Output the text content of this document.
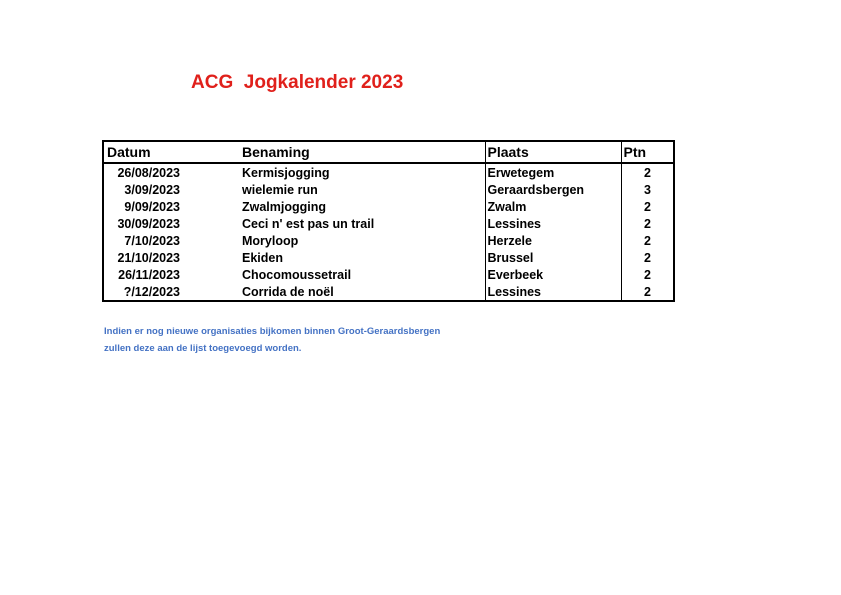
ACG  Jogkalender 2023
Datum	Benaming	Plaats	Ptn
26/08/2023	Kermisjogging	Erwetegem	2
3/09/2023	wielemie run	Geraardsbergen	3
9/09/2023	Zwalmjogging	Zwalm	2
30/09/2023	Ceci n' est pas un trail	Lessines	2
7/10/2023	Moryloop	Herzele	2
21/10/2023	Ekiden	Brussel	2
26/11/2023	Chocomoussetrail	Everbeek	2
?/12/2023	Corrida de noël	Lessines	2
Indien er nog nieuwe organisaties bijkomen binnen Groot-Geraardsbergen
zullen deze aan de lijst toegevoegd worden.
